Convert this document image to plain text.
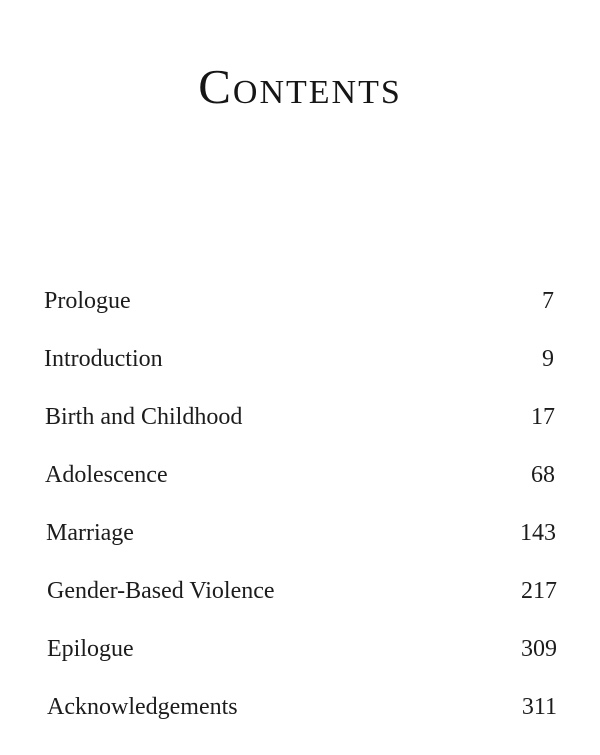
Contents
Prologue	7
Introduction	9
Birth and Childhood	17
Adolescence	68
Marriage	143
Gender-Based Violence	217
Epilogue	309
Acknowledgements	311
